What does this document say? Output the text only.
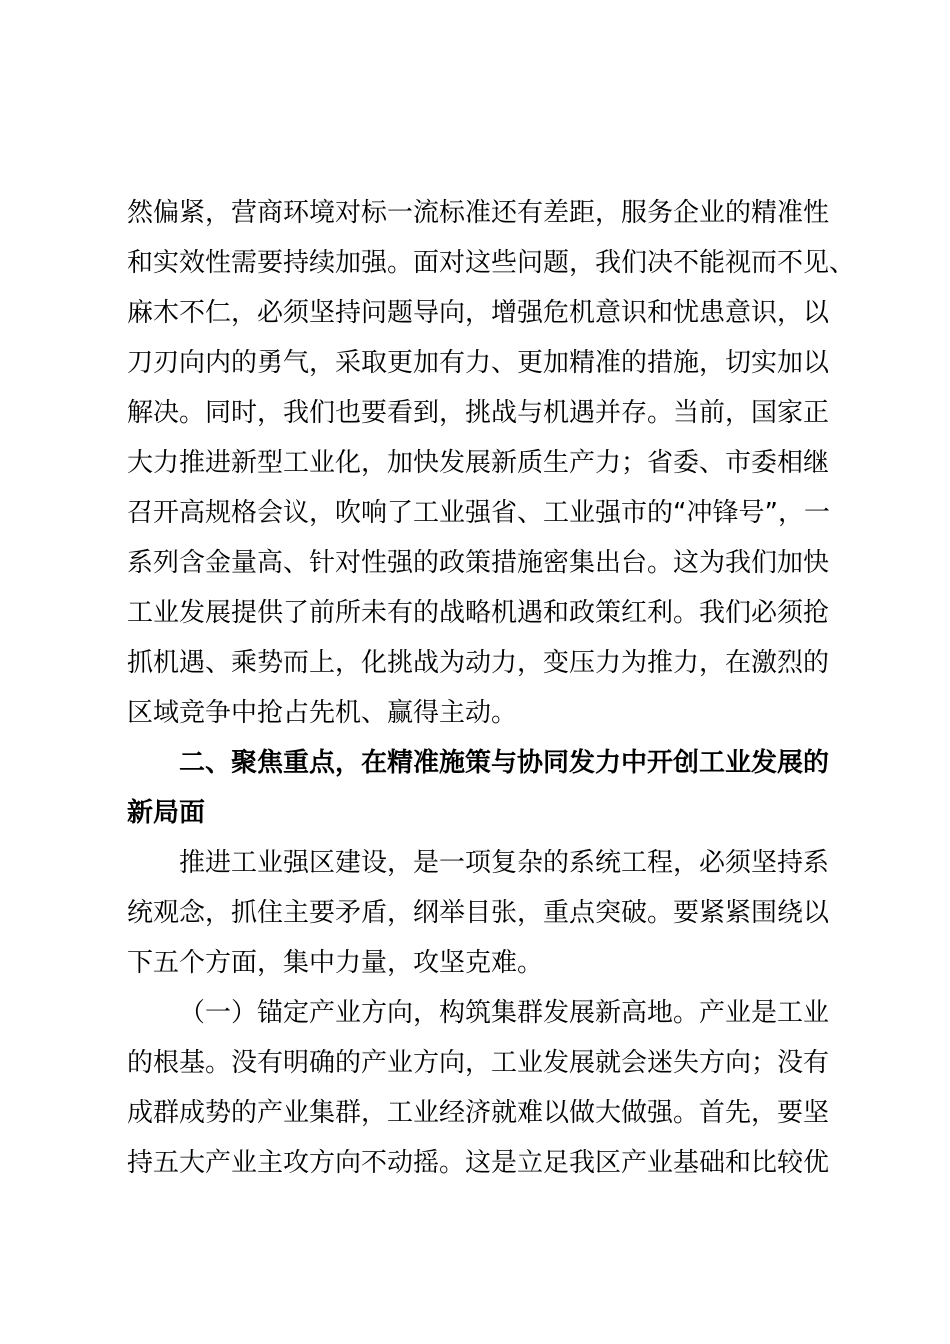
然偏紧，营商环境对标一流标准还有差距，服务企业的精准性
和实效性需要持续加强。面对这些问题，我们决不能视而不见、
麻木不仁，必须坚持问题导向，增强危机意识和忧患意识，以
刀刃向内的勇气，采取更加有力、更加精准的措施，切实加以
解决。同时，我们也要看到，挑战与机遇并存。当前，国家正
大力推进新型工业化，加快发展新质生产力；省委、市委相继
召开高规格会议，吹响了工业强省、工业强市的“冲锋号”，一
系列含金量高、针对性强的政策措施密集出台。这为我们加快
工业发展提供了前所未有的战略机遇和政策红利。我们必须抢
抓机遇、乘势而上，化挑战为动力，变压力为推力，在激烈的
区域竞争中抢占先机、赢得主动。
二、聚焦重点，在精准施策与协同发力中开创工业发展的
新局面
推进工业强区建设，是一项复杂的系统工程，必须坚持系
统观念，抓住主要矛盾，纲举目张，重点突破。要紧紧围绕以
下五个方面，集中力量，攻坚克难。
（一）锚定产业方向，构筑集群发展新高地。产业是工业
的根基。没有明确的产业方向，工业发展就会迷失方向；没有
成群成势的产业集群，工业经济就难以做大做强。首先，要坚
持五大产业主攻方向不动摇。这是立足我区产业基础和比较优
